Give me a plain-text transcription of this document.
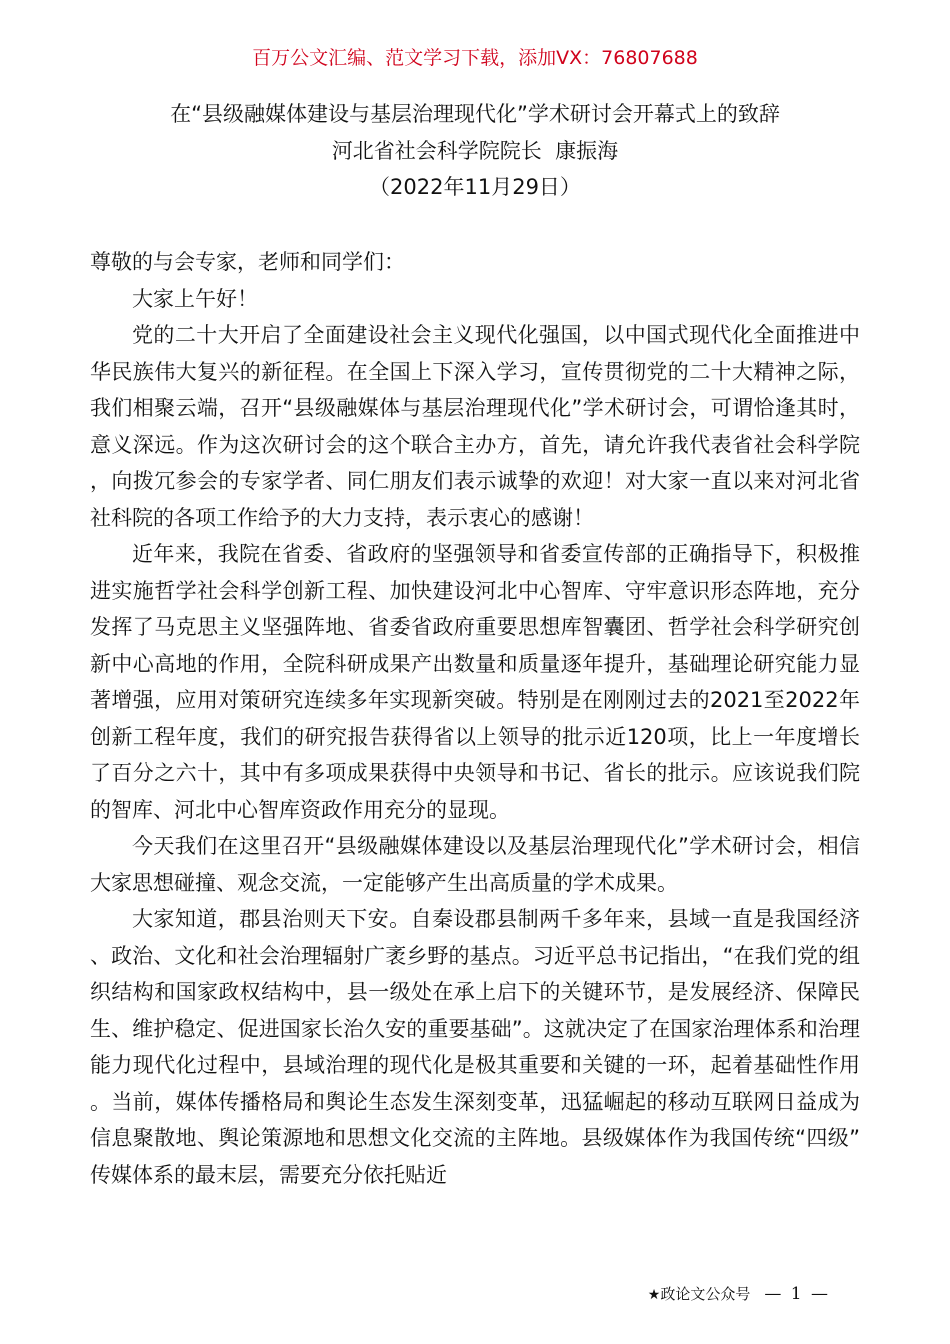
百万公文汇编、范文学习下载，添加VX：76807688
在“县级融媒体建设与基层治理现代化”学术研讨会开幕式上的致辞
河北省社会科学院院长  康振海
（2022年11月29日）

尊敬的与会专家，老师和同学们：

大家上午好！

党的二十大开启了全面建设社会主义现代化强国，以中国式现代化全面推进中华民族伟大复兴的新征程。在全国上下深入学习，宣传贯彻党的二十大精神之际，我们相聚云端，召开“县级融媒体与基层治理现代化”学术研讨会，可谓恰逢其时，意义深远。作为这次研讨会的这个联合主办方，首先，请允许我代表省社会科学院，向拨冗参会的专家学者、同仁朋友们表示诚挚的欢迎！对大家一直以来对河北省社科院的各项工作给予的大力支持，表示衷心的感谢！

近年来，我院在省委、省政府的坚强领导和省委宣传部的正确指导下，积极推进实施哲学社会科学创新工程、加快建设河北中心智库、守牢意识形态阵地，充分发挥了马克思主义坚强阵地、省委省政府重要思想库智囊团、哲学社会科学研究创新中心高地的作用，全院科研成果产出数量和质量逐年提升，基础理论研究能力显著增强，应用对策研究连续多年实现新突破。特别是在刚刚过去的2021至2022年创新工程年度，我们的研究报告获得省以上领导的批示近120项，比上一年度增长了百分之六十，其中有多项成果获得中央领导和书记、省长的批示。应该说我们院的智库、河北中心智库资政作用充分的显现。

今天我们在这里召开“县级融媒体建设以及基层治理现代化”学术研讨会，相信大家思想碰撞、观念交流，一定能够产生出高质量的学术成果。

大家知道，郡县治则天下安。自秦设郡县制两千多年来，县域一直是我国经济、政治、文化和社会治理辐射广袤乡野的基点。习近平总书记指出，“在我们党的组织结构和国家政权结构中，县一级处在承上启下的关键环节，是发展经济、保障民生、维护稳定、促进国家长治久安的重要基础”。这就决定了在国家治理体系和治理能力现代化过程中，县域治理的现代化是极其重要和关键的一环，起着基础性作用。当前，媒体传播格局和舆论生态发生深刻变革，迅猛崛起的移动互联网日益成为信息聚散地、舆论策源地和思想文化交流的主阵地。县级媒体作为我国传统“四级”传媒体系的最末层，需要充分依托贴近

★政论文公众号 — 1 —
